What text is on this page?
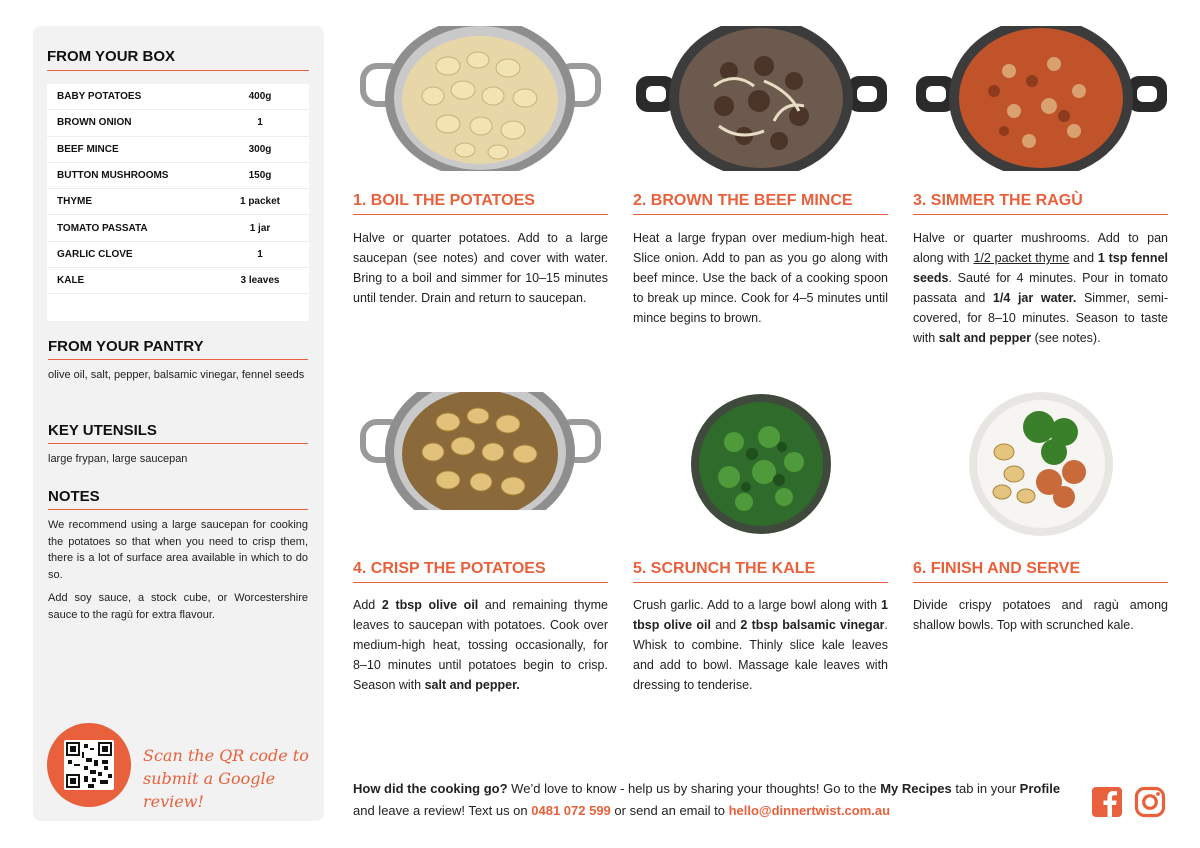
FROM YOUR BOX
BABY POTATOES	400g
BROWN ONION	1
BEEF MINCE	300g
BUTTON MUSHROOMS	150g
THYME	1 packet
TOMATO PASSATA	1 jar
GARLIC CLOVE	1
KALE	3 leaves
FROM YOUR PANTRY
olive oil, salt, pepper, balsamic vinegar, fennel seeds
KEY UTENSILS
large frypan, large saucepan
NOTES

We recommend using a large saucepan for cooking the potatoes so that when you need to crisp them, there is a lot of surface area available in which to do so.

Add soy sauce, a stock cube, or Worcestershire sauce to the ragù for extra flavour.

Scan the QR code to
submit a Google review!
1. BOIL THE POTATOES
Halve or quarter potatoes. Add to a large saucepan (see notes) and cover with water. Bring to a boil and simmer for 10–15 minutes until tender. Drain and return to saucepan.
2. BROWN THE BEEF MINCE
Heat a large frypan over medium-high heat. Slice onion. Add to pan as you go along with beef mince. Use the back of a cooking spoon to break up mince. Cook for 4–5 minutes until mince begins to brown.
3. SIMMER THE RAGÙ
Halve or quarter mushrooms. Add to pan along with 1/2 packet thyme and 1 tsp fennel seeds. Sauté for 4 minutes. Pour in tomato passata and 1/4 jar water. Simmer, semi-covered, for 8–10 minutes. Season to taste with salt and pepper (see notes).
4. CRISP THE POTATOES
Add 2 tbsp olive oil and remaining thyme leaves to saucepan with potatoes. Cook over medium-high heat, tossing occasionally, for 8–10 minutes until potatoes begin to crisp. Season with salt and pepper.
5. SCRUNCH THE KALE
Crush garlic. Add to a large bowl along with 1 tbsp olive oil and 2 tbsp balsamic vinegar. Whisk to combine. Thinly slice kale leaves and add to bowl. Massage kale leaves with dressing to tenderise.
6. FINISH AND SERVE
Divide crispy potatoes and ragù among shallow bowls. Top with scrunched kale.
How did the cooking go? We’d love to know - help us by sharing your thoughts! Go to the My Recipes tab in your Profile and leave a review! Text us on 0481 072 599 or send an email to hello@dinnertwist.com.au
